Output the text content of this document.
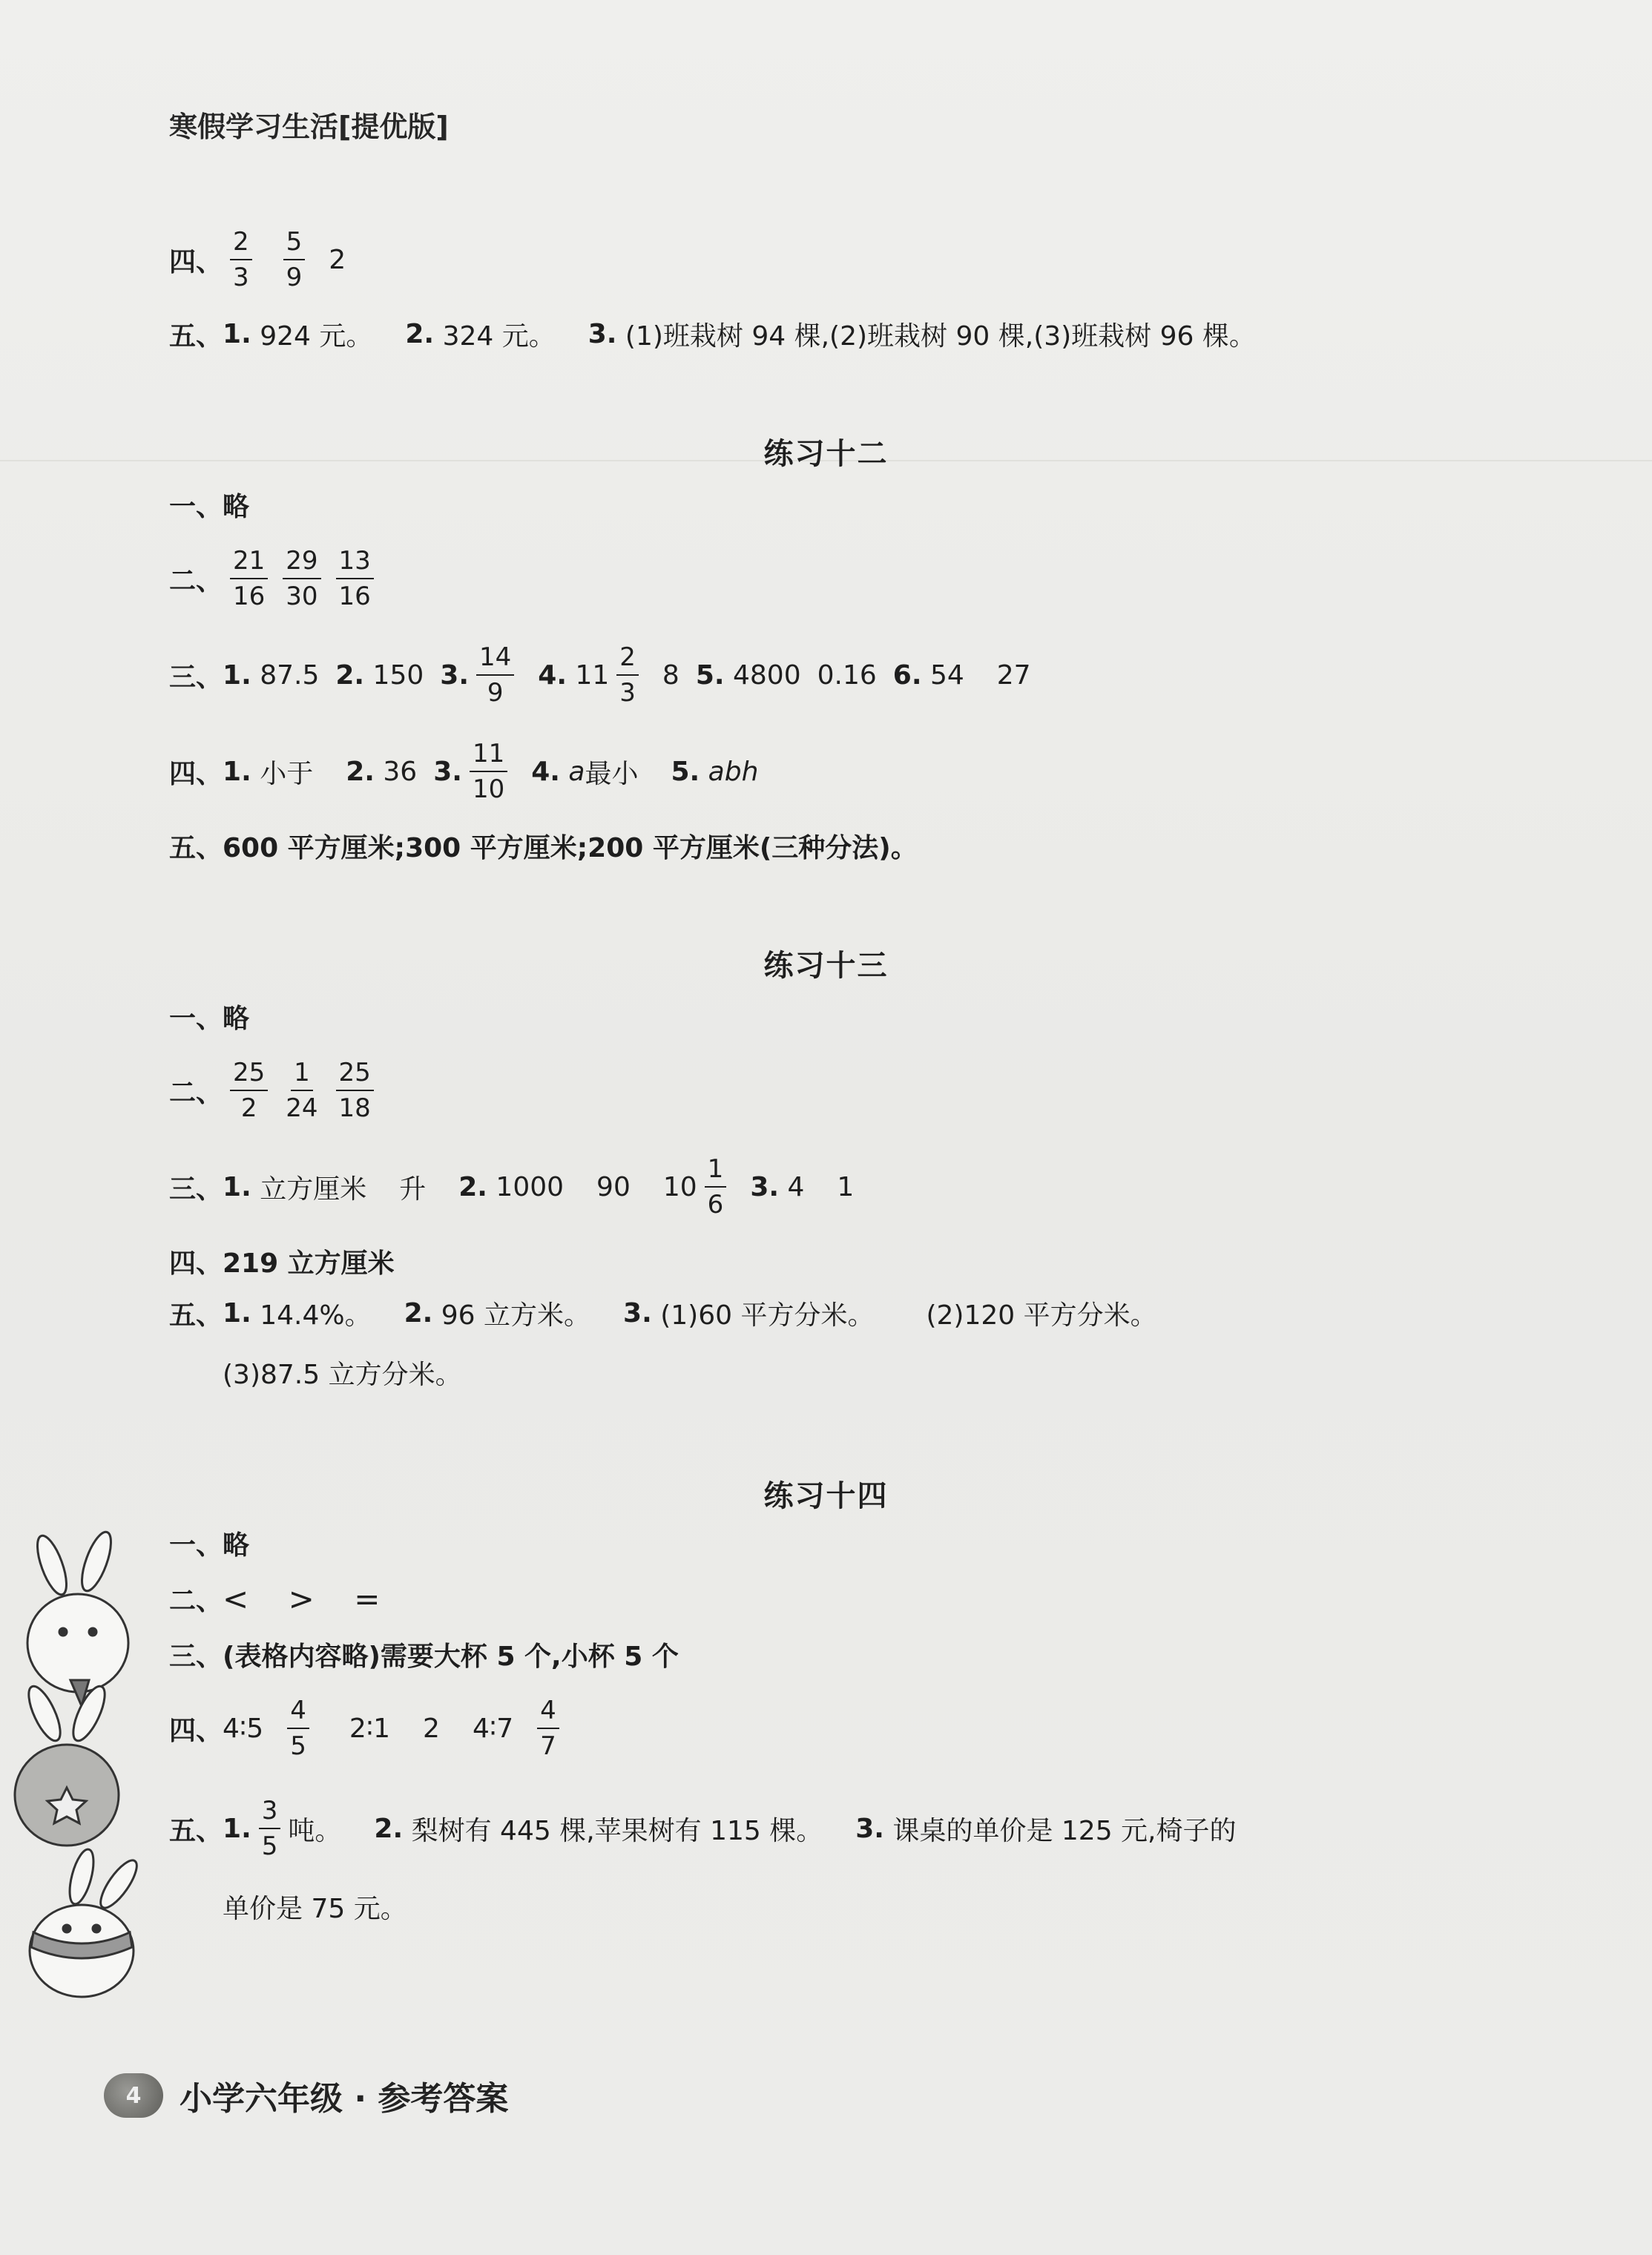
寒假学习生活[提优版]
四、 $\frac{2}{3} \frac{5}{9} 2$
五、 1.
924 元。 2.
324 元。 3.
(1)班栽树 94 棵,(2)班栽树 90 棵,(3)班栽树 96 棵。
练习十二
一、略
二、 $\frac{21}{16} \frac{29}{30} \frac{13}{16}$
三、 1.
87.5 2.
150 3. $\frac{14}{9} 4$.
$11 \frac{2}{3} 8$ 5.
4800 0.16 6.
54 27
四、 1.
小于 2.
36 3. $\frac{11}{10} 4$.
a 最小 5.
abh
五、600 平方厘米;300 平方厘米;200 平方厘米(三种分法)。
练习十三
一、略
二、 $\frac{25}{2} \frac{1}{24} \frac{25}{18}$
三、 1.
立方厘米 升 2.
1000 90 $10 \frac{1}{6} 3$.
4 1
四、219 立方厘米
五、 1.
14.4%。 2.
96 立方米。 3.
(1)60 平方分米。 (2)120 平方分米。
(3)87.5 立方分米。
练习十四
一、略
二、 <    >    =
三、(表格内容略)需要大杯 5 个,小杯 5 个
四、 4∶5 $\frac{4}{5}$ 2∶1 2 4∶7 $\frac{4}{7}$
五、 1. $\frac{3}{5}$ 吨。 2.
梨树有 445 棵,苹果树有 115 棵。 3.
课桌的单价是 125 元,椅子的
单价是 75 元。
4	小学六年级 · 参考答案
